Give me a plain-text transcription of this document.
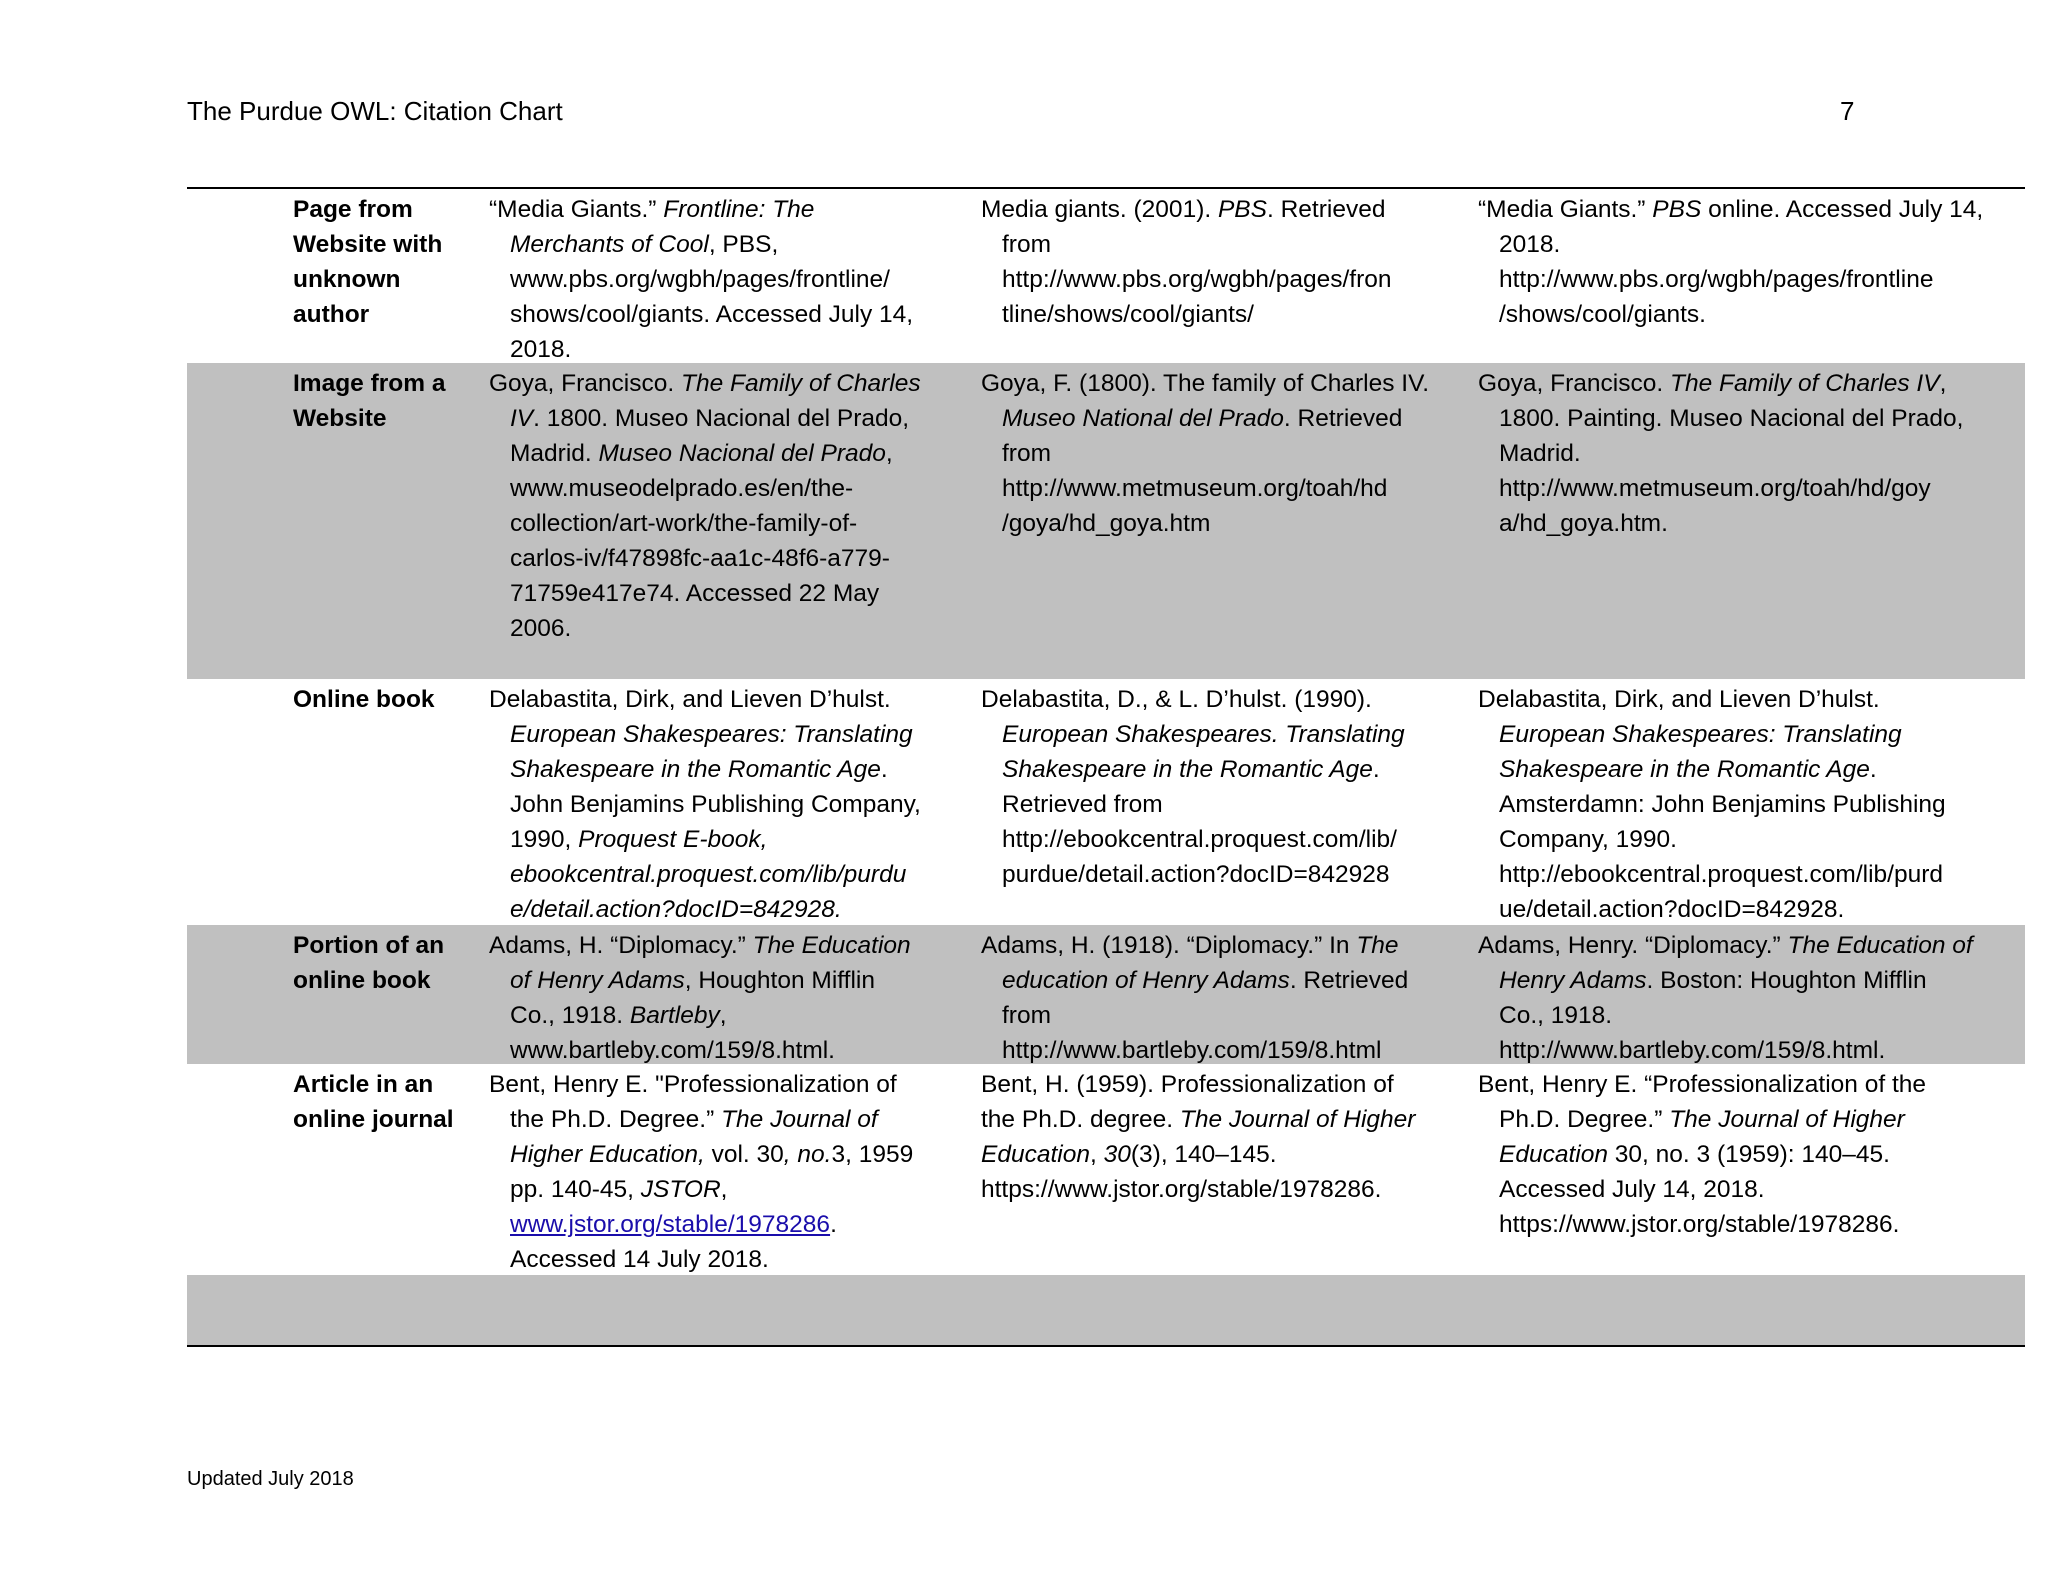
The Purdue OWL: Citation Chart	7
Page from
Website with
unknown
author
“Media Giants.” Frontline: The
Merchants of Cool, PBS,
www.pbs.org/wgbh/pages/frontline/
shows/cool/giants. Accessed July 14,
2018.
Media giants. (2001). PBS. Retrieved
from
http://www.pbs.org/wgbh/pages/fron
tline/shows/cool/giants/
“Media Giants.” PBS online. Accessed July 14,
2018.
http://www.pbs.org/wgbh/pages/frontline
/shows/cool/giants.
Image from a
Website
Goya, Francisco. The Family of Charles
IV. 1800. Museo Nacional del Prado,
Madrid. Museo Nacional del Prado,
www.museodelprado.es/en/the-
collection/art-work/the-family-of-
carlos-iv/f47898fc-aa1c-48f6-a779-
71759e417e74. Accessed 22 May
2006.
Goya, F. (1800). The family of Charles IV.
Museo National del Prado. Retrieved
from
http://www.metmuseum.org/toah/hd
/goya/hd_goya.htm
Goya, Francisco. The Family of Charles IV,
1800. Painting. Museo Nacional del Prado,
Madrid.
http://www.metmuseum.org/toah/hd/goy
a/hd_goya.htm.
Online book	Delabastita, Dirk, and Lieven D’hulst.
European Shakespeares: Translating
Shakespeare in the Romantic Age.
John Benjamins Publishing Company,
1990, Proquest E-book,
ebookcentral.proquest.com/lib/purdu
e/detail.action?docID=842928.
Delabastita, D., & L. D’hulst. (1990).
European Shakespeares. Translating
Shakespeare in the Romantic Age.
Retrieved from
http://ebookcentral.proquest.com/lib/
purdue/detail.action?docID=842928
Delabastita, Dirk, and Lieven D’hulst.
European Shakespeares: Translating
Shakespeare in the Romantic Age.
Amsterdamn: John Benjamins Publishing
Company, 1990.
http://ebookcentral.proquest.com/lib/purd
ue/detail.action?docID=842928.
Portion of an
online book
Adams, H. “Diplomacy.” The Education
of Henry Adams, Houghton Mifflin
Co., 1918. Bartleby,
www.bartleby.com/159/8.html.
Adams, H. (1918). “Diplomacy.” In The
education of Henry Adams. Retrieved
from
http://www.bartleby.com/159/8.html
Adams, Henry. “Diplomacy.” The Education of
Henry Adams. Boston: Houghton Mifflin
Co., 1918.
http://www.bartleby.com/159/8.html.
Article in an
online journal
Bent, Henry E. "Professionalization of
the Ph.D. Degree.” The Journal of
Higher Education, vol. 30, no.3, 1959
pp. 140-45, JSTOR,
www.jstor.org/stable/1978286.
Accessed 14 July 2018.
Bent, H. (1959). Professionalization of
the Ph.D. degree. The Journal of Higher
Education, 30(3), 140–145.
https://www.jstor.org/stable/1978286.
Bent, Henry E. “Professionalization of the
Ph.D. Degree.” The Journal of Higher
Education 30, no. 3 (1959): 140–45.
Accessed July 14, 2018.
https://www.jstor.org/stable/1978286.
Updated July 2018
